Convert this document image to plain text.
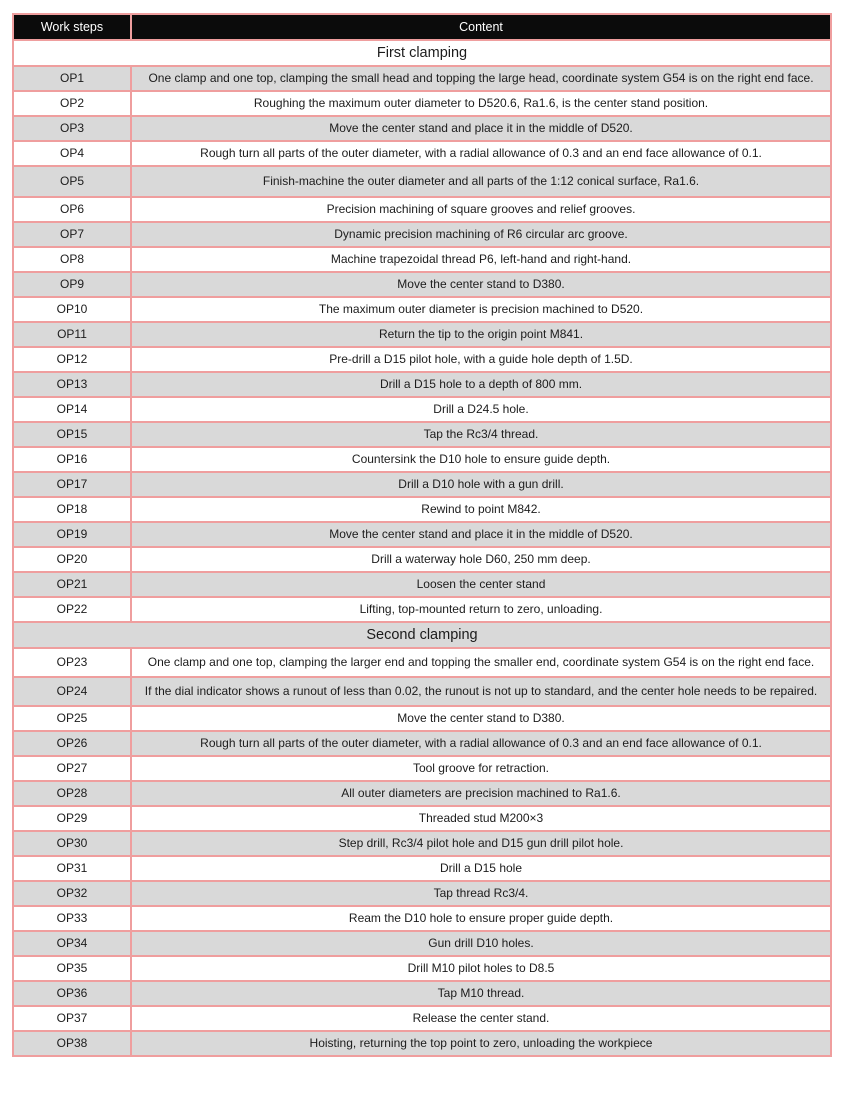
Work steps	Content
First clamping	
OP1	One clamp and one top, clamping the small head and topping the large head, coordinate system G54 is on the right end face.
OP2	Roughing the maximum outer diameter to D520.6, Ra1.6, is the center stand position.
OP3	Move the center stand and place it in the middle of D520.
OP4	Rough turn all parts of the outer diameter, with a radial allowance of 0.3 and an end face allowance of 0.1.
OP5	Finish-machine the outer diameter and all parts of the 1:12 conical surface, Ra1.6.
OP6	Precision machining of square grooves and relief grooves.
OP7	Dynamic precision machining of R6 circular arc groove.
OP8	Machine trapezoidal thread P6, left-hand and right-hand.
OP9	Move the center stand to D380.
OP10	The maximum outer diameter is precision machined to D520.
OP11	Return the tip to the origin point M841.
OP12	Pre-drill a D15 pilot hole, with a guide hole depth of 1.5D.
OP13	Drill a D15 hole to a depth of 800 mm.
OP14	Drill a D24.5 hole.
OP15	Tap the Rc3/4 thread.
OP16	Countersink the D10 hole to ensure guide depth.
OP17	Drill a D10 hole with a gun drill.
OP18	Rewind to point M842.
OP19	Move the center stand and place it in the middle of D520.
OP20	Drill a waterway hole D60, 250 mm deep.
OP21	Loosen the center stand
OP22	Lifting, top-mounted return to zero, unloading.
Second clamping	
OP23	One clamp and one top, clamping the larger end and topping the smaller end, coordinate system G54 is on the right end face.
OP24	If the dial indicator shows a runout of less than 0.02, the runout is not up to standard, and the center hole needs to be repaired.
OP25	Move the center stand to D380.
OP26	Rough turn all parts of the outer diameter, with a radial allowance of 0.3 and an end face allowance of 0.1.
OP27	Tool groove for retraction.
OP28	All outer diameters are precision machined to Ra1.6.
OP29	Threaded stud M200×3
OP30	Step drill, Rc3/4 pilot hole and D15 gun drill pilot hole.
OP31	Drill a D15 hole
OP32	Tap thread Rc3/4.
OP33	Ream the D10 hole to ensure proper guide depth.
OP34	Gun drill D10 holes.
OP35	Drill M10 pilot holes to D8.5
OP36	Tap M10 thread.
OP37	Release the center stand.
OP38	Hoisting, returning the top point to zero, unloading the workpiece
